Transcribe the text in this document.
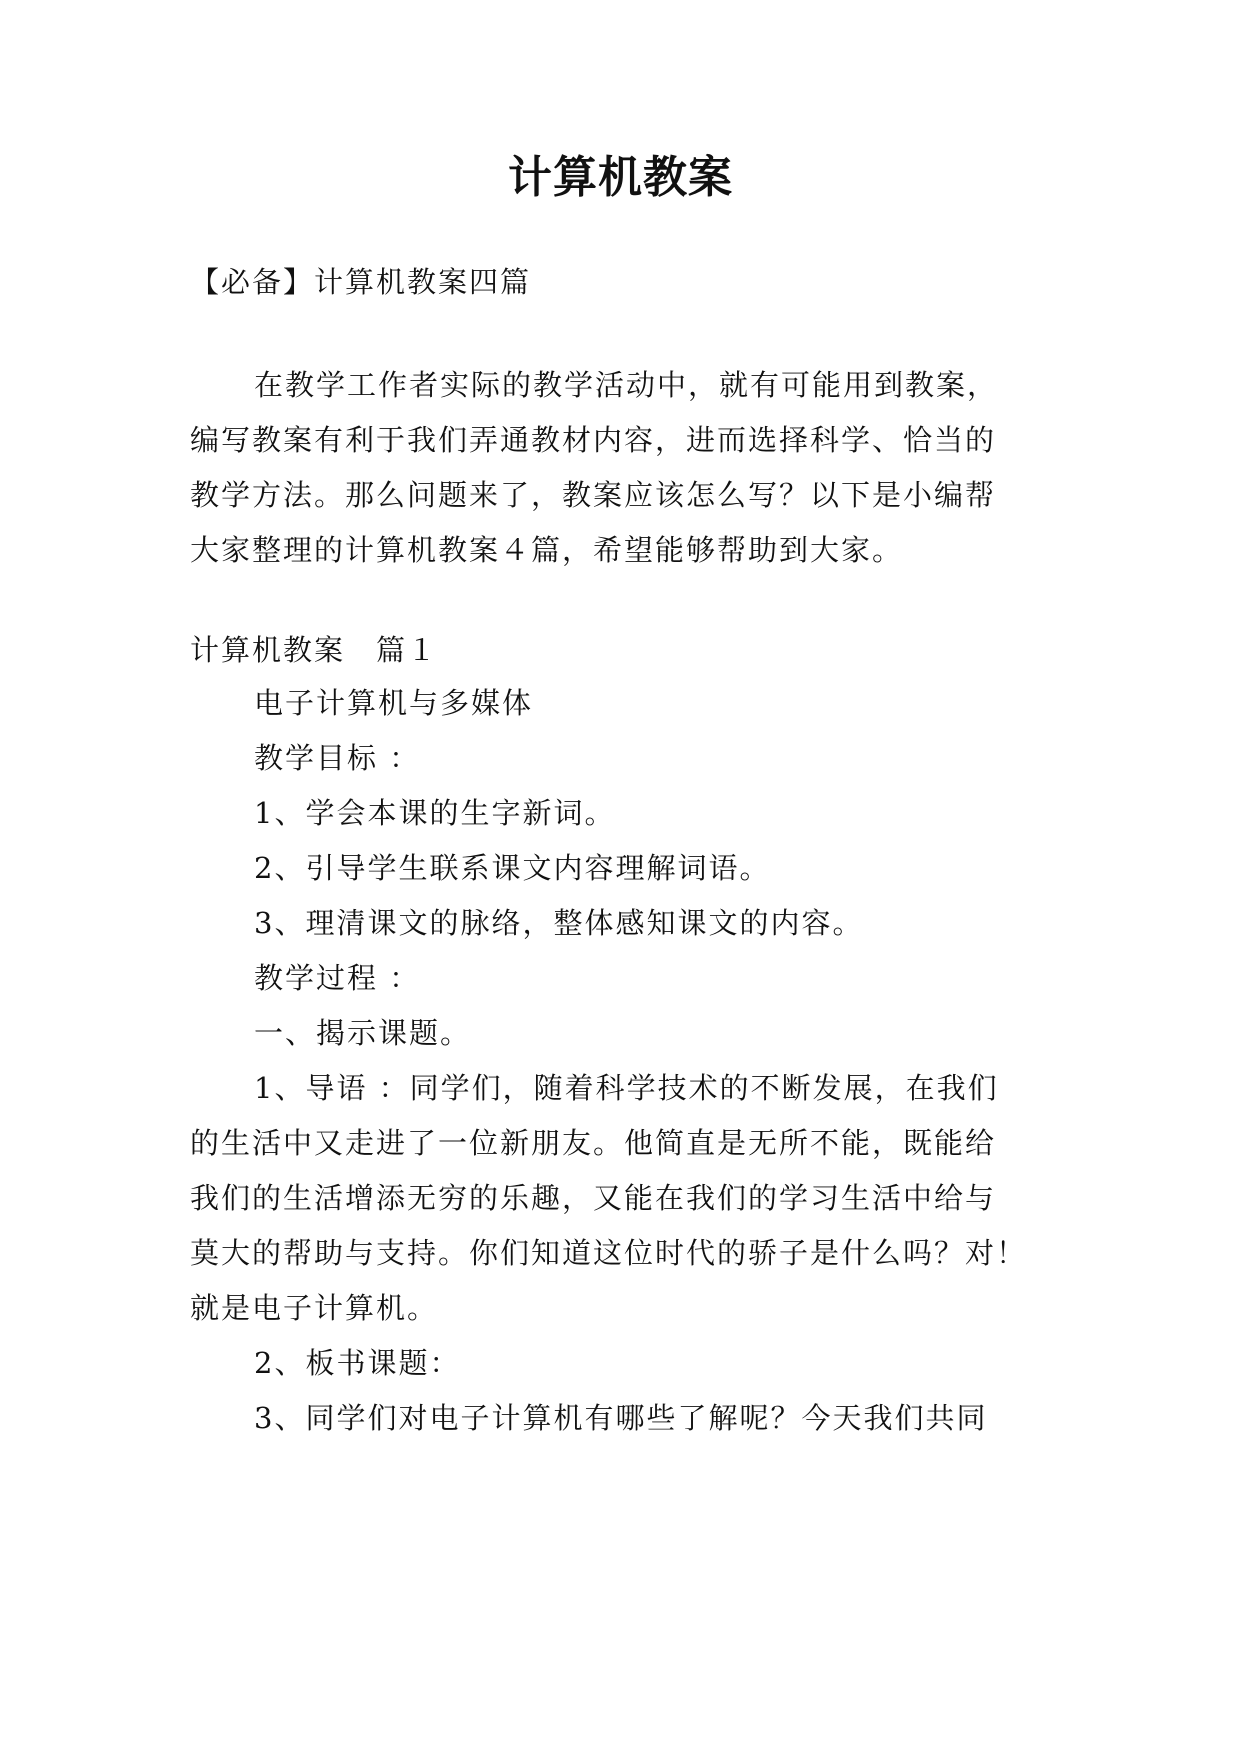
计算机教案
【必备】计算机教案四篇
在教学工作者实际的教学活动中，就有可能用到教案，
编写教案有利于我们弄通教材内容，进而选择科学、恰当的
教学方法。那么问题来了，教案应该怎么写？以下是小编帮
大家整理的计算机教案４篇，希望能够帮助到大家。
计算机教案　篇１
电子计算机与多媒体
教学目标 ：
1、学会本课的生字新词。
2、引导学生联系课文内容理解词语。
3、理清课文的脉络，整体感知课文的内容。
教学过程 ：
一、揭示课题。
1、导语 ：同学们，随着科学技术的不断发展，在我们
的生活中又走进了一位新朋友。他简直是无所不能，既能给
我们的生活增添无穷的乐趣，又能在我们的学习生活中给与
莫大的帮助与支持。你们知道这位时代的骄子是什么吗？对！
就是电子计算机。
2、板书课题：
3、同学们对电子计算机有哪些了解呢？今天我们共同
